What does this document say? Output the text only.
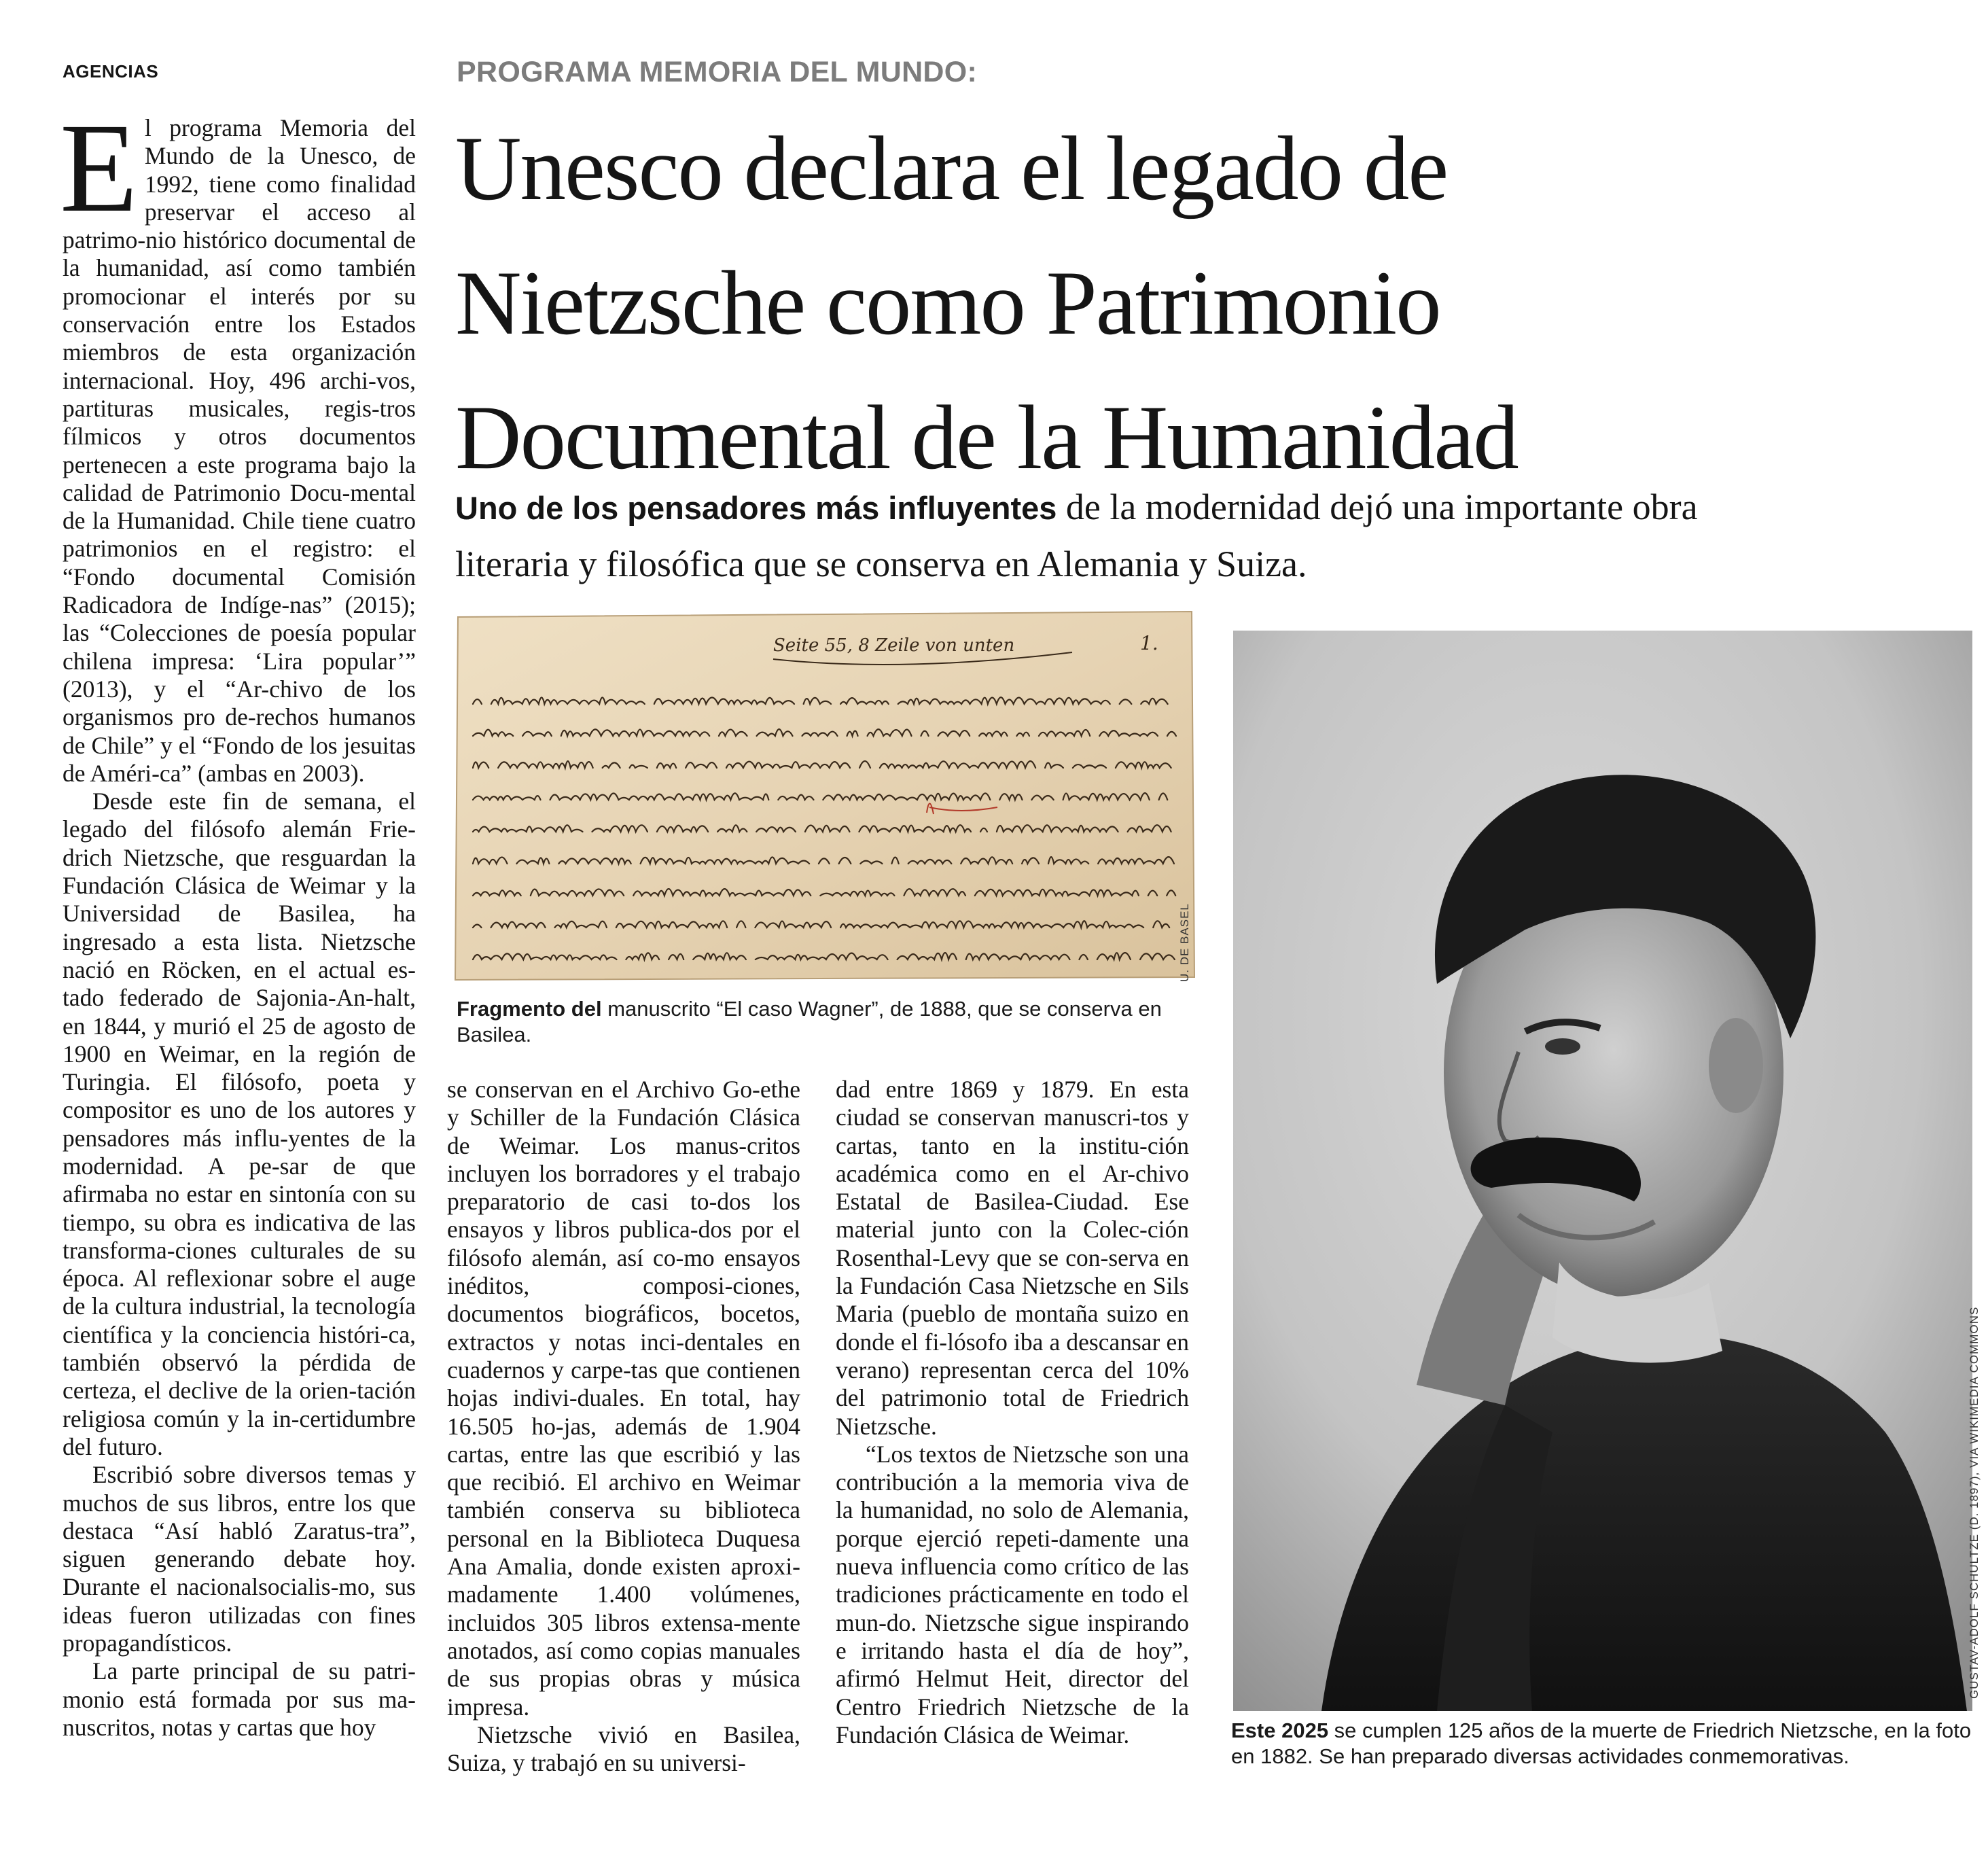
AGENCIAS	PROGRAMA MEMORIA DEL MUNDO:
Unesco declara el legado de
Nietzsche como Patrimonio
Documental de la Humanidad
Uno de los pensadores más influyentes de la modernidad dejó una importante obra
literaria y filosófica que se conserva en Alemania y Suiza.

El programa Memoria del Mundo de la Unesco, de 1992, tiene como finalidad preservar el acceso al patrimo-nio histórico documental de la humanidad, así como también promocionar el interés por su conservación entre los Estados miembros de esta organización internacional. Hoy, 496 archi-vos, partituras musicales, regis-tros fílmicos y otros documentos pertenecen a este programa bajo la calidad de Patrimonio Docu-mental de la Humanidad. Chile tiene cuatro patrimonios en el registro: el “Fondo documental Comisión Radicadora de Indíge-nas” (2015); las “Colecciones de poesía popular chilena impresa: ‘Lira popular’” (2013), y el “Ar-chivo de los organismos pro de-rechos humanos de Chile” y el “Fondo de los jesuitas de Améri-ca” (ambas en 2003).

Desde este fin de semana, el legado del filósofo alemán Frie-drich Nietzsche, que resguardan la Fundación Clásica de Weimar y la Universidad de Basilea, ha ingresado a esta lista. Nietzsche nació en Röcken, en el actual es-tado federado de Sajonia-An-halt, en 1844, y murió el 25 de agosto de 1900 en Weimar, en la región de Turingia. El filósofo, poeta y compositor es uno de los autores y pensadores más influ-yentes de la modernidad. A pe-sar de que afirmaba no estar en sintonía con su tiempo, su obra es indicativa de las transforma-ciones culturales de su época. Al reflexionar sobre el auge de la cultura industrial, la tecnología científica y la conciencia históri-ca, también observó la pérdida de certeza, el declive de la orien-tación religiosa común y la in-certidumbre del futuro.

Escribió sobre diversos temas y muchos de sus libros, entre los que destaca “Así habló Zaratus-tra”, siguen generando debate hoy. Durante el nacionalsocialis-mo, sus ideas fueron utilizadas con fines propagandísticos.

La parte principal de su patri-monio está formada por sus ma-nuscritos, notas y cartas que hoy

Seite 55, 8 Zeile von unten	1.
U. DE BASEL
Fragmento del manuscrito “El caso Wagner”, de 1888, que se conserva en Basilea.

se conservan en el Archivo Go-ethe y Schiller de la Fundación Clásica de Weimar. Los manus-critos incluyen los borradores y el trabajo preparatorio de casi to-dos los ensayos y libros publica-dos por el filósofo alemán, así co-mo ensayos inéditos, composi-ciones, documentos biográficos, bocetos, extractos y notas inci-dentales en cuadernos y carpe-tas que contienen hojas indivi-duales. En total, hay 16.505 ho-jas, además de 1.904 cartas, entre las que escribió y las que recibió. El archivo en Weimar también conserva su biblioteca personal en la Biblioteca Duquesa Ana Amalia, donde existen aproxi-madamente 1.400 volúmenes, incluidos 305 libros extensa-mente anotados, así como copias manuales de sus propias obras y música impresa.

Nietzsche vivió en Basilea, Suiza, y trabajó en su universi-

dad entre 1869 y 1879. En esta ciudad se conservan manuscri-tos y cartas, tanto en la institu-ción académica como en el Ar-chivo Estatal de Basilea-Ciudad. Ese material junto con la Colec-ción Rosenthal-Levy que se con-serva en la Fundación Casa Nietzsche en Sils Maria (pueblo de montaña suizo en donde el fi-lósofo iba a descansar en verano) representan cerca del 10% del patrimonio total de Friedrich Nietzsche.

“Los textos de Nietzsche son una contribución a la memoria viva de la humanidad, no solo de Alemania, porque ejerció repeti-damente una nueva influencia como crítico de las tradiciones prácticamente en todo el mun-do. Nietzsche sigue inspirando e irritando hasta el día de hoy”, afirmó Helmut Heit, director del Centro Friedrich Nietzsche de la Fundación Clásica de Weimar.

GUSTAV-ADOLF SCHULTZE (D. 1897), VIA WIKIMEDIA COMMONS
Este 2025 se cumplen 125 años de la muerte de Friedrich Nietzsche, en la foto en 1882. Se han preparado diversas actividades conmemorativas.
